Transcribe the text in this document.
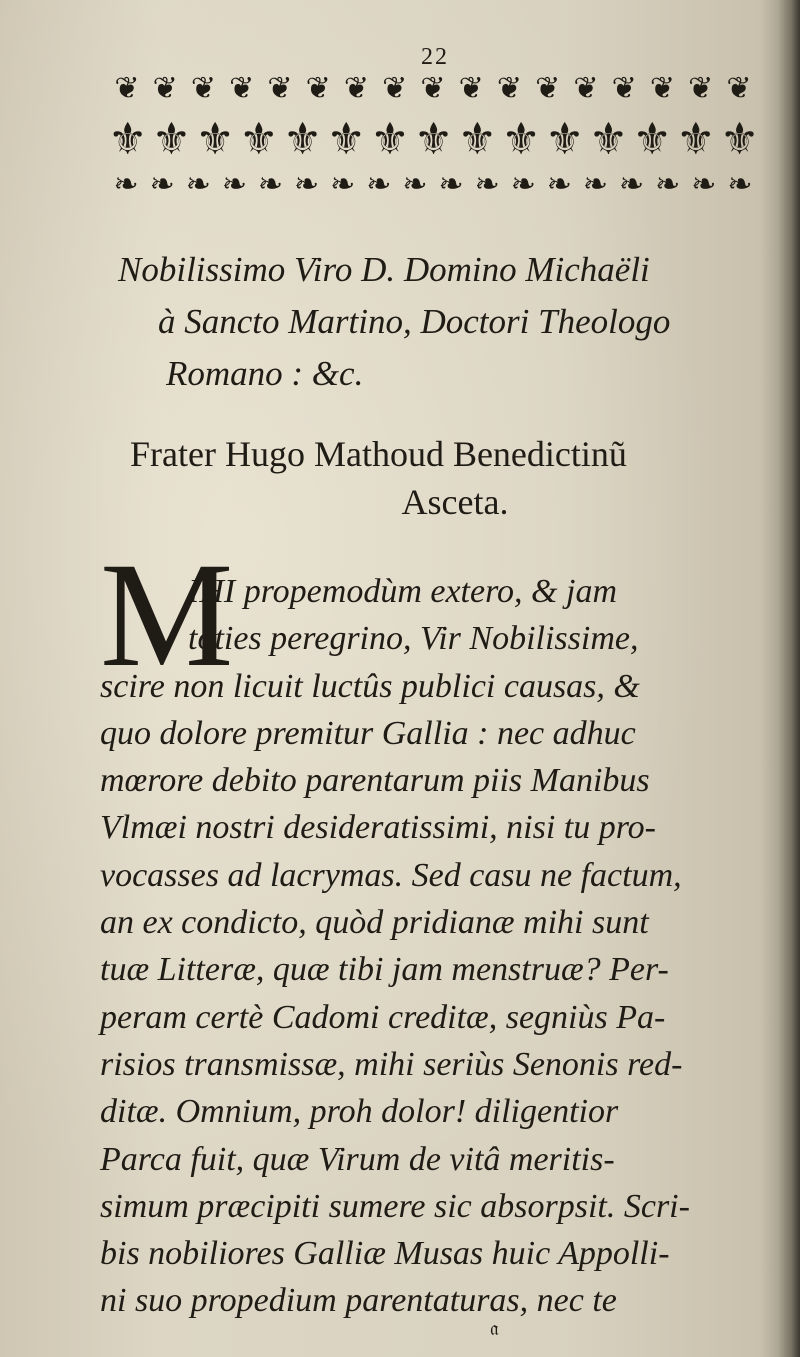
22
❦ ❦ ❦ ❦ ❦ ❦ ❦ ❦ ❦ ❦ ❦ ❦ ❦ ❦ ❦ ❦ ❦
⚜ ⚜ ⚜ ⚜ ⚜ ⚜ ⚜ ⚜ ⚜ ⚜ ⚜ ⚜ ⚜ ⚜ ⚜
❧ ❧ ❧ ❧ ❧ ❧ ❧ ❧ ❧ ❧ ❧ ❧ ❧ ❧ ❧ ❧ ❧ ❧
Nobilissimo Viro D. Domino Michaëli
à Sancto Martino, Doctori Theologo
Romano : &c.
Frater Hugo Mathoud Benedictinũ
Asceta.
M
IHI propemodùm extero, & jam
toties peregrino, Vir Nobilissime,
scire non licuit luctûs publici causas, &
quo dolore premitur Gallia : nec adhuc
mœrore debito parentarum piis Manibus
Vlmæi nostri desideratissimi, nisi tu pro-
vocasses ad lacrymas. Sed casu ne factum,
an ex condicto, quòd pridianæ mihi sunt
tuæ Litteræ, quæ tibi jam menstruæ? Per-
peram certè Cadomi creditæ, segniùs Pa-
risios transmissæ, mihi seriùs Senonis red-
ditæ. Omnium, proh dolor! diligentior
Parca fuit, quæ Virum de vitâ meritis-
simum præcipiti sumere sic absorpsit. Scri-
bis nobiliores Galliæ Musas huic Appolli-
ni suo propedium parentaturas, nec te
𝔞
